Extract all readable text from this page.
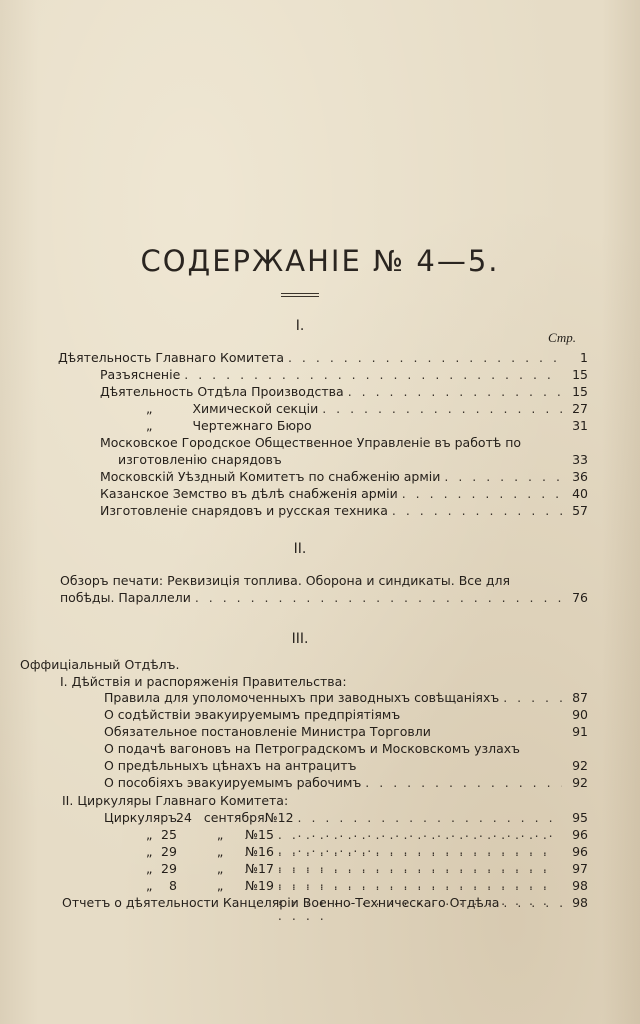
СОДЕРЖАНІЕ № 4—5.
I.
Стр.
Дѣятельность Главнаго Комитета . . .	1
Разъясненіе . . .	15
Дѣятельность Отдѣла Производства . . .	15
„	Химической секціи . . .	27
„	Чертежнаго Бюро	31
Московское Городское Общественное Управленіе въ работѣ по
изготовленію снарядовъ	33
Московскій Уѣздный Комитетъ по снабженію арміи . . .	36
Казанское Земство въ дѣлѣ снабженія арміи . . .	40
Изготовленіе снарядовъ и русская техника . . .	57
II.
Обзоръ печати: Реквизиція топлива. Оборона и синдикаты. Все для
побѣды. Параллели . . .	76
III.
Оффиціальный Отдѣлъ.
I. Дѣйствія и распоряженія Правительства:
Правила для уполомоченныхъ при заводныхъ совѣщаніяхъ . . .	87
О содѣйствіи эвакуируемымъ предпріятіямъ	90
Обязательное постановленіе Министра Торговли	91
О подачѣ вагоновъ на Петроградскомъ и Московскомъ узлахъ
О предѣльныхъ цѣнахъ на антрацитъ	92
О пособіяхъ эвакуируемымъ рабочимъ . . .	92
II. Циркуляры Главнаго Комитета:
Циркуляръ 24 сентября № 12 . . .	95
„ 25	„	№ 15 . . .	96
„ 29	„	№ 16 . . .	96
„ 29	„	№ 17 . . .	97
„	8	„	№ 19 . . .	98
Отчетъ о дѣятельности Канцеляріи Военно-Техническаго Отдѣла . . .	98
